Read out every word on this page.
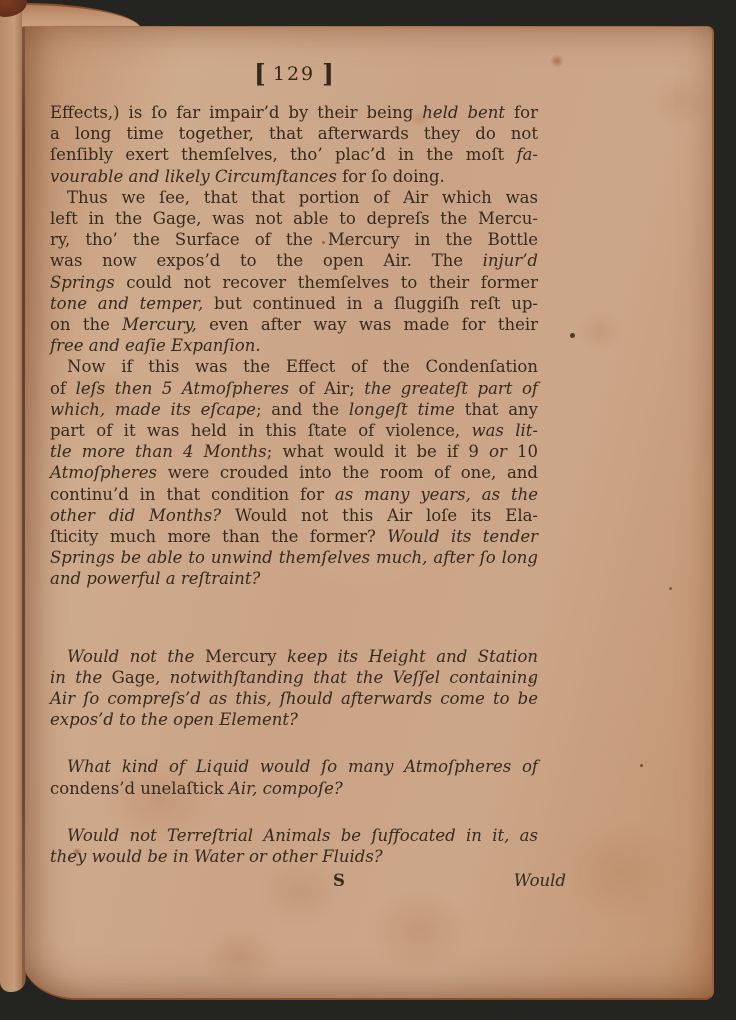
[ 129 ]
Effects,) is ſo far impair’d by their being held bent for
a long time together, that afterwards they do not
ſenſibly exert themſelves, tho’ plac’d in the moſt fa-
vourable and likely Circumſtances for ſo doing.
Thus we ſee, that that portion of Air which was
left in the Gage, was not able to depreſs the Mercu-
ry, tho’ the Surface of the Mercury in the Bottle
was now expos’d to the open Air. The injur’d
Springs could not recover themſelves to their former
tone and temper, but continued in a ſluggiſh reſt up-
on the Mercury, even after way was made for their
free and eaſie Expanſion.
Now if this was the Effect of the Condenſation
of leſs then 5 Atmoſpheres of Air; the greateſt part of
which, made its eſcape; and the longeſt time that any
part of it was held in this ſtate of violence, was lit-
tle more than 4 Months; what would it be if 9 or 10
Atmoſpheres were crouded into the room of one, and
continu’d in that condition for as many years, as the
other did Months? Would not this Air loſe its Ela-
ſticity much more than the former? Would its tender
Springs be able to unwind themſelves much, after ſo long
and powerful a reſtraint?
Would not the Mercury keep its Height and Station
in the Gage, notwithſtanding that the Veſſel containing
Air ſo compreſs’d as this, ſhould afterwards come to be
expos’d to the open Element?
What kind of Liquid would ſo many Atmoſpheres of
condens’d unelaſtick Air, compoſe?
Would not Terreſtrial Animals be ſuffocated in it, as
they would be in Water or other Fluids?
S	Would
